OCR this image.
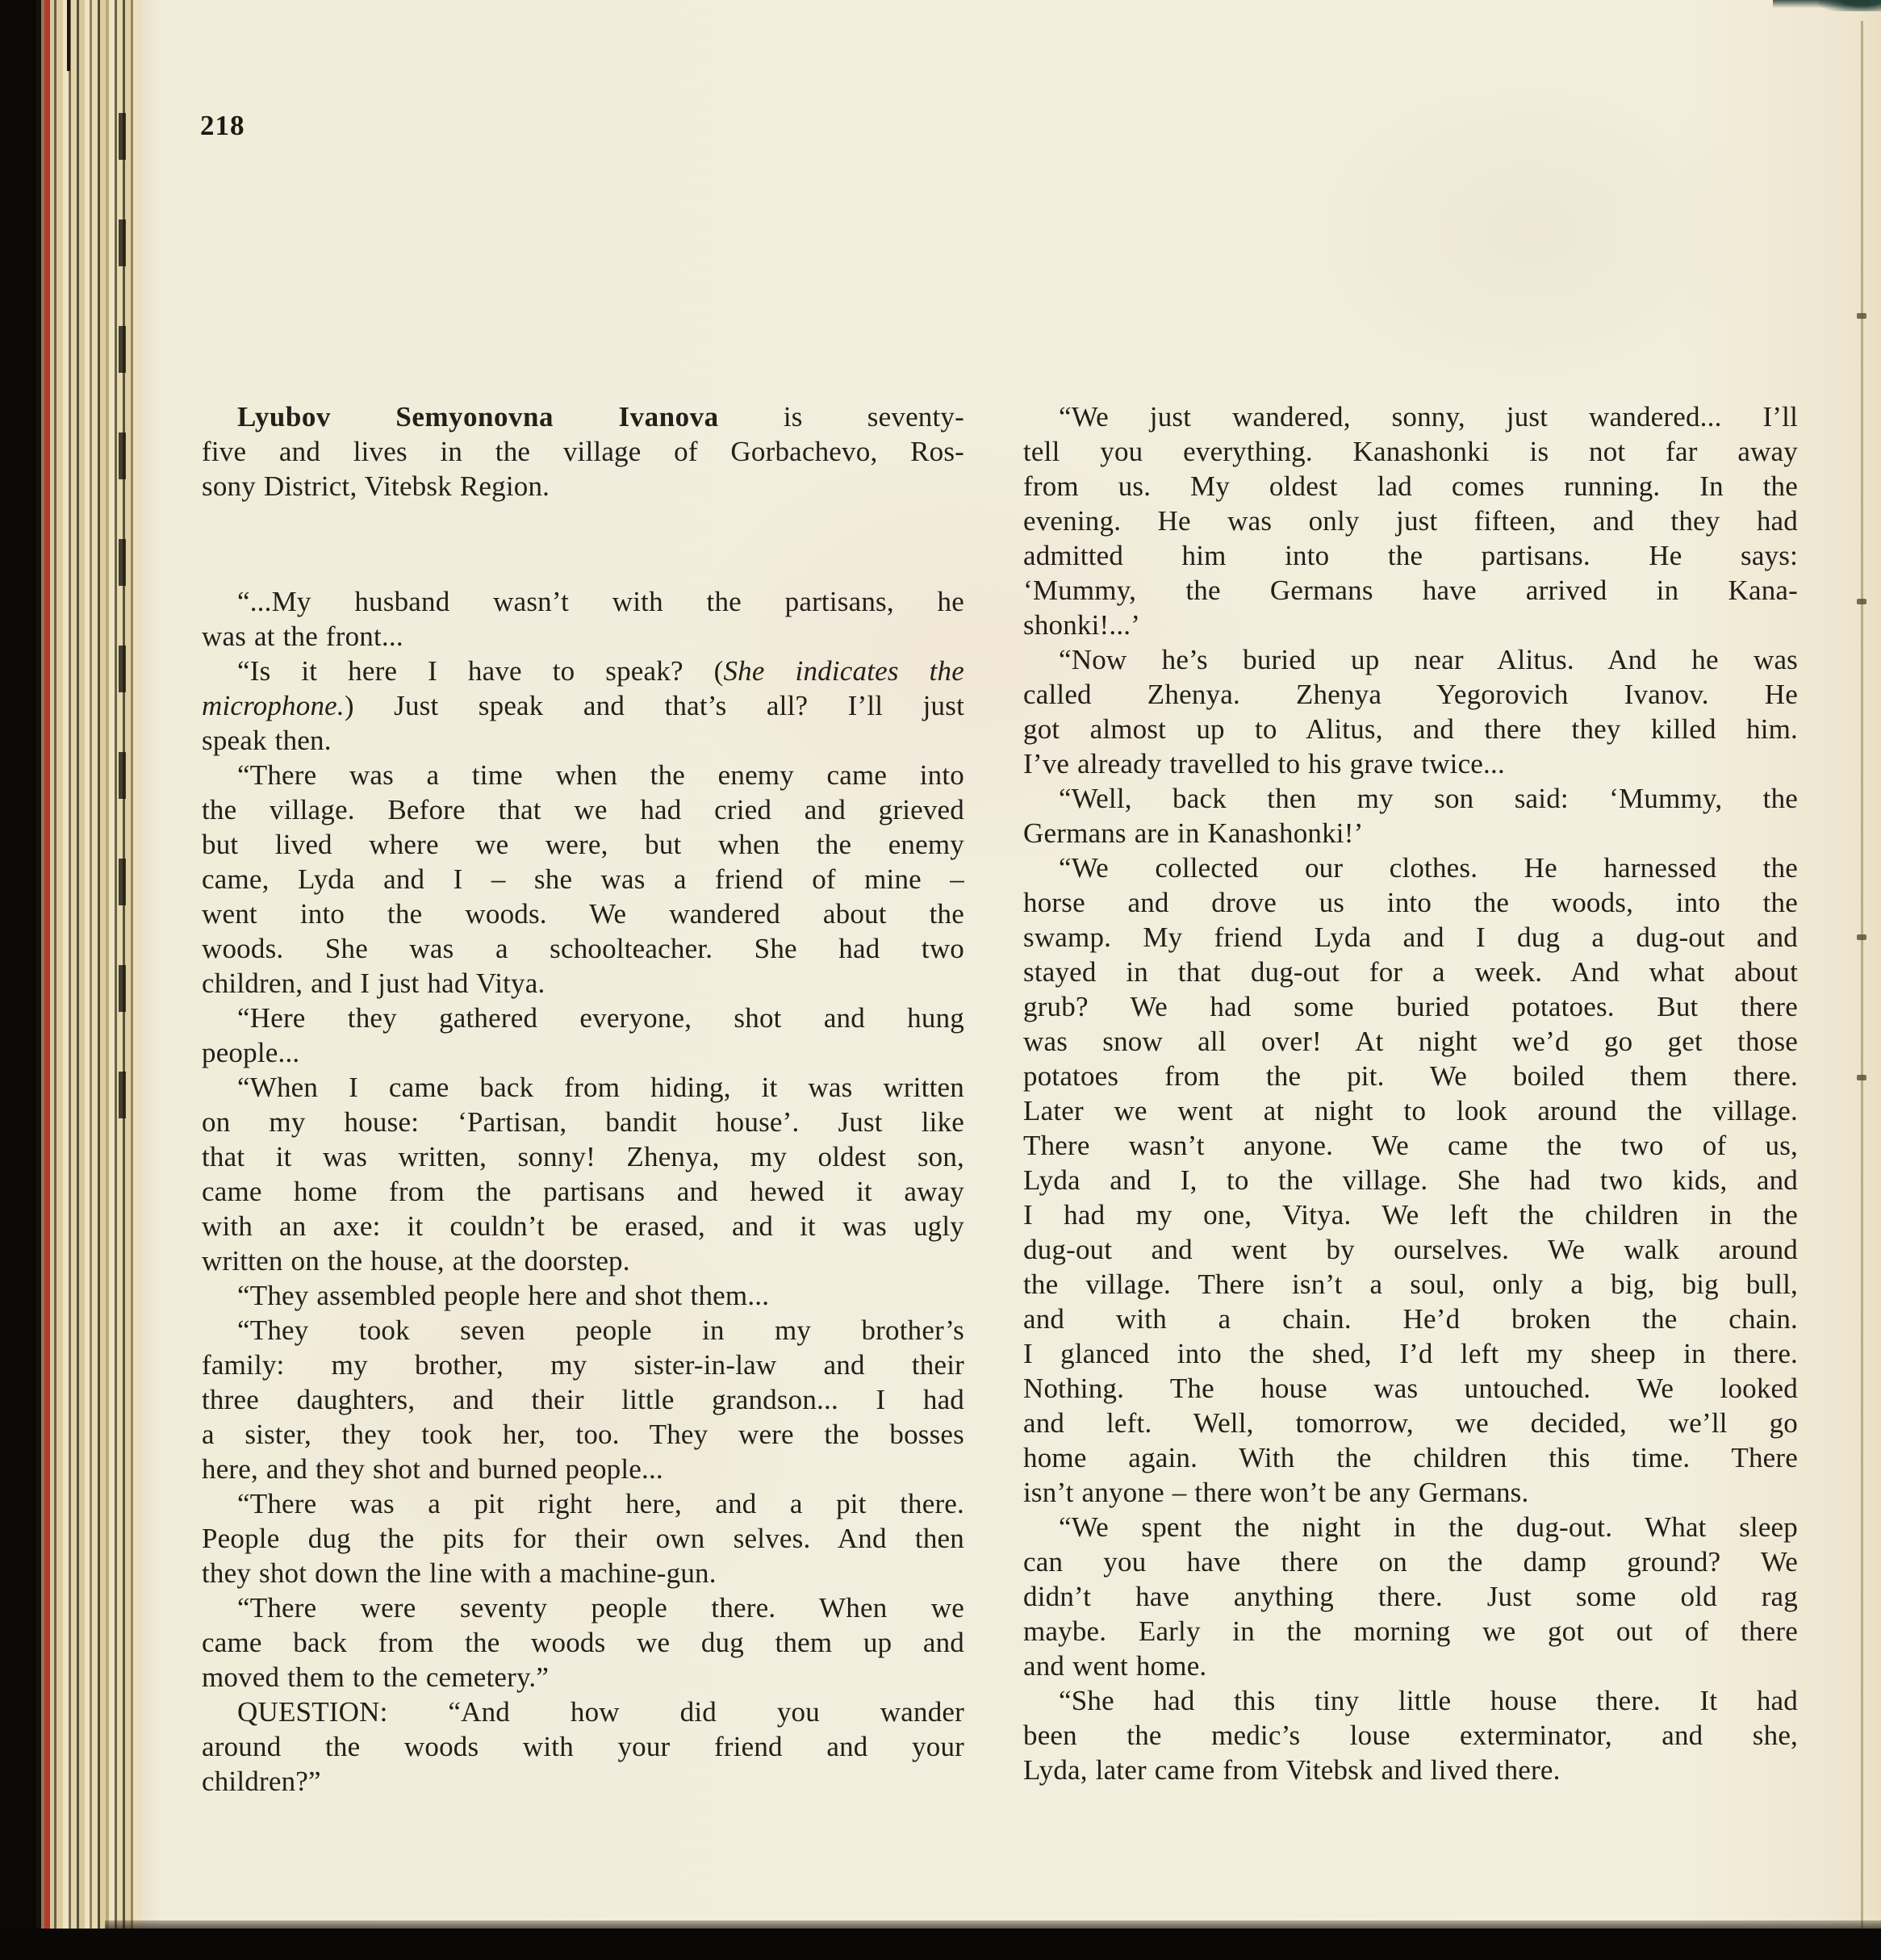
218
Lyubov Semyonovna Ivanova is seventy-
five and lives in the village of Gorbachevo, Ros-
sony District, Vitebsk Region.
“...My husband wasn’t with the partisans, he
was at the front...
“Is it here I have to speak? (She indicates the
microphone.) Just speak and that’s all? I’ll just
speak then.
“There was a time when the enemy came into
the village. Before that we had cried and grieved
but lived where we were, but when the enemy
came, Lyda and I – she was a friend of mine –
went into the woods. We wandered about the
woods. She was a schoolteacher. She had two
children, and I just had Vitya.
“Here they gathered everyone, shot and hung
people...
“When I came back from hiding, it was written
on my house: ‘Partisan, bandit house’. Just like
that it was written, sonny! Zhenya, my oldest son,
came home from the partisans and hewed it away
with an axe: it couldn’t be erased, and it was ugly
written on the house, at the doorstep.
“They assembled people here and shot them...
“They took seven people in my brother’s
family: my brother, my sister-in-law and their
three daughters, and their little grandson... I had
a sister, they took her, too. They were the bosses
here, and they shot and burned people...
“There was a pit right here, and a pit there.
People dug the pits for their own selves. And then
they shot down the line with a machine-gun.
“There were seventy people there. When we
came back from the woods we dug them up and
moved them to the cemetery.”
QUESTION: “And how did you wander
around the woods with your friend and your
children?”
“We just wandered, sonny, just wandered... I’ll
tell you everything. Kanashonki is not far away
from us. My oldest lad comes running. In the
evening. He was only just fifteen, and they had
admitted him into the partisans. He says:
‘Mummy, the Germans have arrived in Kana-
shonki!...’
“Now he’s buried up near Alitus. And he was
called Zhenya. Zhenya Yegorovich Ivanov. He
got almost up to Alitus, and there they killed him.
I’ve already travelled to his grave twice...
“Well, back then my son said: ‘Mummy, the
Germans are in Kanashonki!’
“We collected our clothes. He harnessed the
horse and drove us into the woods, into the
swamp. My friend Lyda and I dug a dug-out and
stayed in that dug-out for a week. And what about
grub? We had some buried potatoes. But there
was snow all over! At night we’d go get those
potatoes from the pit. We boiled them there.
Later we went at night to look around the village.
There wasn’t anyone. We came the two of us,
Lyda and I, to the village. She had two kids, and
I had my one, Vitya. We left the children in the
dug-out and went by ourselves. We walk around
the village. There isn’t a soul, only a big, big bull,
and with a chain. He’d broken the chain.
I glanced into the shed, I’d left my sheep in there.
Nothing. The house was untouched. We looked
and left. Well, tomorrow, we decided, we’ll go
home again. With the children this time. There
isn’t anyone – there won’t be any Germans.
“We spent the night in the dug-out. What sleep
can you have there on the damp ground? We
didn’t have anything there. Just some old rag
maybe. Early in the morning we got out of there
and went home.
“She had this tiny little house there. It had
been the medic’s louse exterminator, and she,
Lyda, later came from Vitebsk and lived there.
